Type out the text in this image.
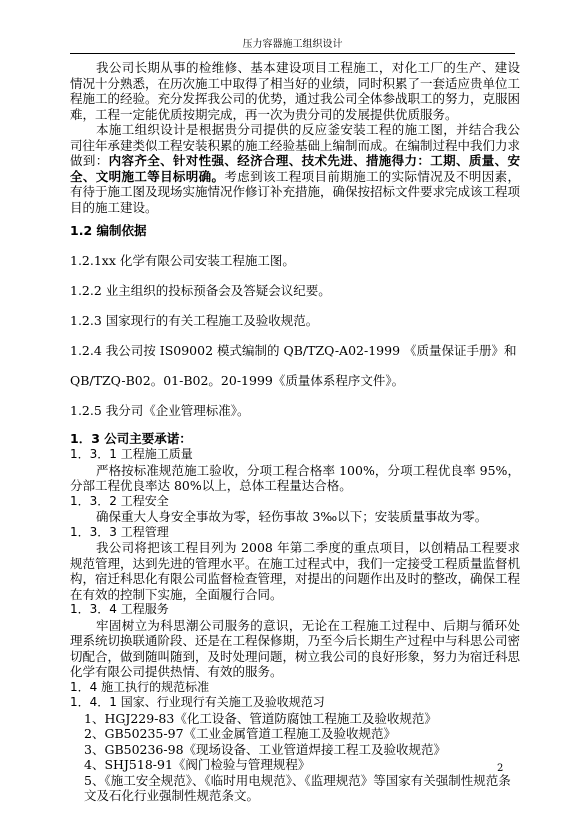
压力容器施工组织设计

我公司长期从事的检维修、基本建设项目工程施工，对化工厂的生产、建设情况十分熟悉，在历次施工中取得了相当好的业绩，同时积累了一套适应贵单位工程施工的经验。充分发挥我公司的优势，通过我公司全体参战职工的努力，克服困难，工程一定能优质按期完成，再一次为贵分司的发展提供优质服务。

本施工组织设计是根据贵分司提供的反应釜安装工程的施工图，并结合我公司往年承建类似工程安装积累的施工经验基础上编制而成。在编制过程中我们力求做到：内容齐全、针对性强、经济合理、技术先进、措施得力：工期、质量、安全、文明施工等目标明确。考虑到该工程项目前期施工的实际情况及不明因素，有待于施工图及现场实施情况作修订补充措施，确保按招标文件要求完成该工程项目的施工建设。

1.2 编制依据

1.2.1xx 化学有限公司安装工程施工图。

1.2.2 业主组织的投标预备会及答疑会议纪要。

1.2.3 国家现行的有关工程施工及验收规范。

1.2.4 我公司按 IS09002 模式编制的 QB/TZQ-A02-1999 《质量保证手册》和

QB/TZQ-B02。01-B02。20-1999《质量体系程序文件》。

1.2.5 我分司《企业管理标准》。

1．3 公司主要承诺：

1．3．1 工程施工质量

严格按标准规范施工验收，分项工程合格率 100%，分项工程优良率 95%，分部工程优良率达 80%以上，总体工程量达合格。

1．3．2 工程安全

确保重大人身安全事故为零，轻伤事故 3‰以下；安装质量事故为零。

1．3．3 工程管理

我公司将把该工程目列为 2008 年第二季度的重点项目，以创精品工程要求规范管理，达到先进的管理水平。在施工过程式中，我们一定接受工程质量监督机构，宿迁科思化有限公司监督检查管理，对提出的问题作出及时的整改，确保工程在有效的控制下实施，全面履行合同。

1．3．4 工程服务

牢固树立为科思潮公司服务的意识，无论在工程施工过程中、后期与循环处理系统切换联通阶段、还是在工程保修期，乃至今后长期生产过程中与科思公司密切配合，做到随叫随到，及时处理问题，树立我公司的良好形象，努力为宿迁科思化学有限公司提供热情、有效的服务。

1．4 施工执行的规范标准

1．4．1 国家、行业现行有关施工及验收规范习

1、HGJ229-83《化工设备、管道防腐蚀工程施工及验收规范》

2、GB50235-97《工业金属管道工程施工及验收规范》

3、GB50236-98《现场设备、工业管道焊接工程工及验收规范》

4、SHJ518-91《阀门检验与管理规程》

5、《施工安全规范》、《临时用电规范》、《监理规范》等国家有关强制性规范条文及石化行业强制性规范条文。

2
